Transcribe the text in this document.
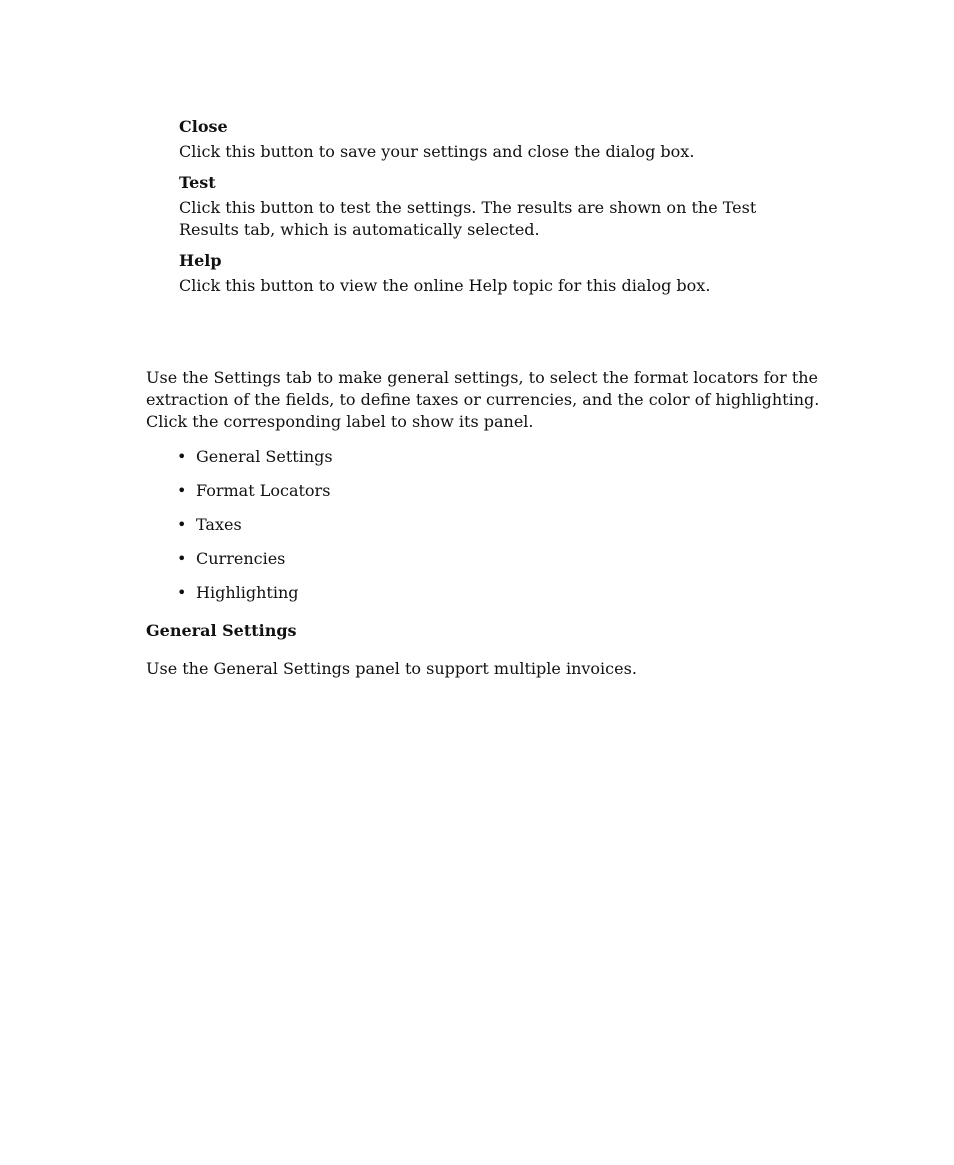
Close

Click this button to save your settings and close the dialog box.

Test

Click this button to test the settings. The results are shown on the Test Results tab, which is automatically selected.

Help

Click this button to view the online Help topic for this dialog box.

Use the Settings tab to make general settings, to select the format locators for the extraction of the fields, to define taxes or currencies, and the color of highlighting. Click the corresponding label to show its panel.

• General Settings
• Format Locators
• Taxes
• Currencies
• Highlighting

General Settings

Use the General Settings panel to support multiple invoices.
